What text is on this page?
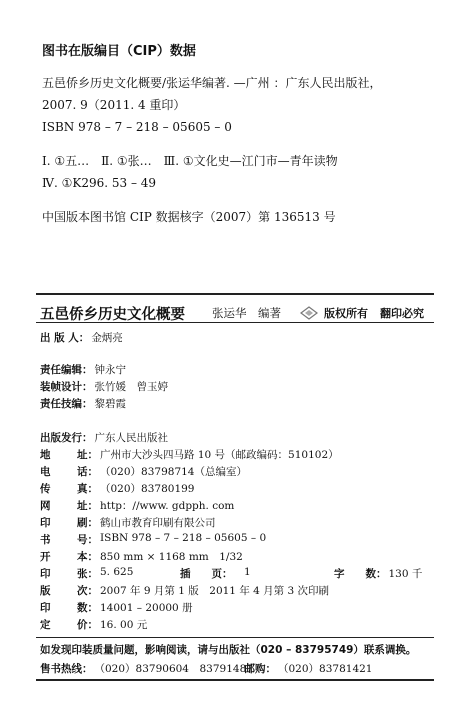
图书在版编目（CIP）数据
五邑侨乡历史文化概要/张运华编著. —广州 ：广东人民出版社，
2007. 9（2011. 4 重印）
ISBN 978 – 7 – 218 – 05605 – 0
Ⅰ. ①五…　Ⅱ. ①张…　Ⅲ. ①文化史—江门市—青年读物
Ⅳ. ①K296. 53 – 49
中国版本图书馆 CIP 数据核字（2007）第 136513 号
五邑侨乡历史文化概要 张运华　编著	版权所有 翻印必究
出 版 人： 金炳亮
责任编辑： 钟永宁
装帧设计： 张竹媛　曾玉婷
责任技编： 黎碧霞
出版发行： 广东人民出版社
地	址： 广州市大沙头四马路 10 号（邮政编码：510102）
电	话： （020）83798714（总编室）
传	真： （020）83780199
网	址： http：//www. gdpph. com
印	刷： 鹤山市教育印刷有限公司
书	号： ISBN 978 – 7 – 218 – 05605 – 0
开	本： 850 mm × 1168 mm　1/32
印	张： 5. 625	插　　页：	1	字　　数： 130 千
版	次： 2007 年 9 月第 1 版　2011 年 4 月第 3 次印刷
印	数： 14001 – 20000 册
定	价： 16. 00 元
如发现印装质量问题，影响阅读，请与出版社（020 – 83795749）联系调换。
售书热线： （020）83790604　83791487
邮购： （020）83781421
